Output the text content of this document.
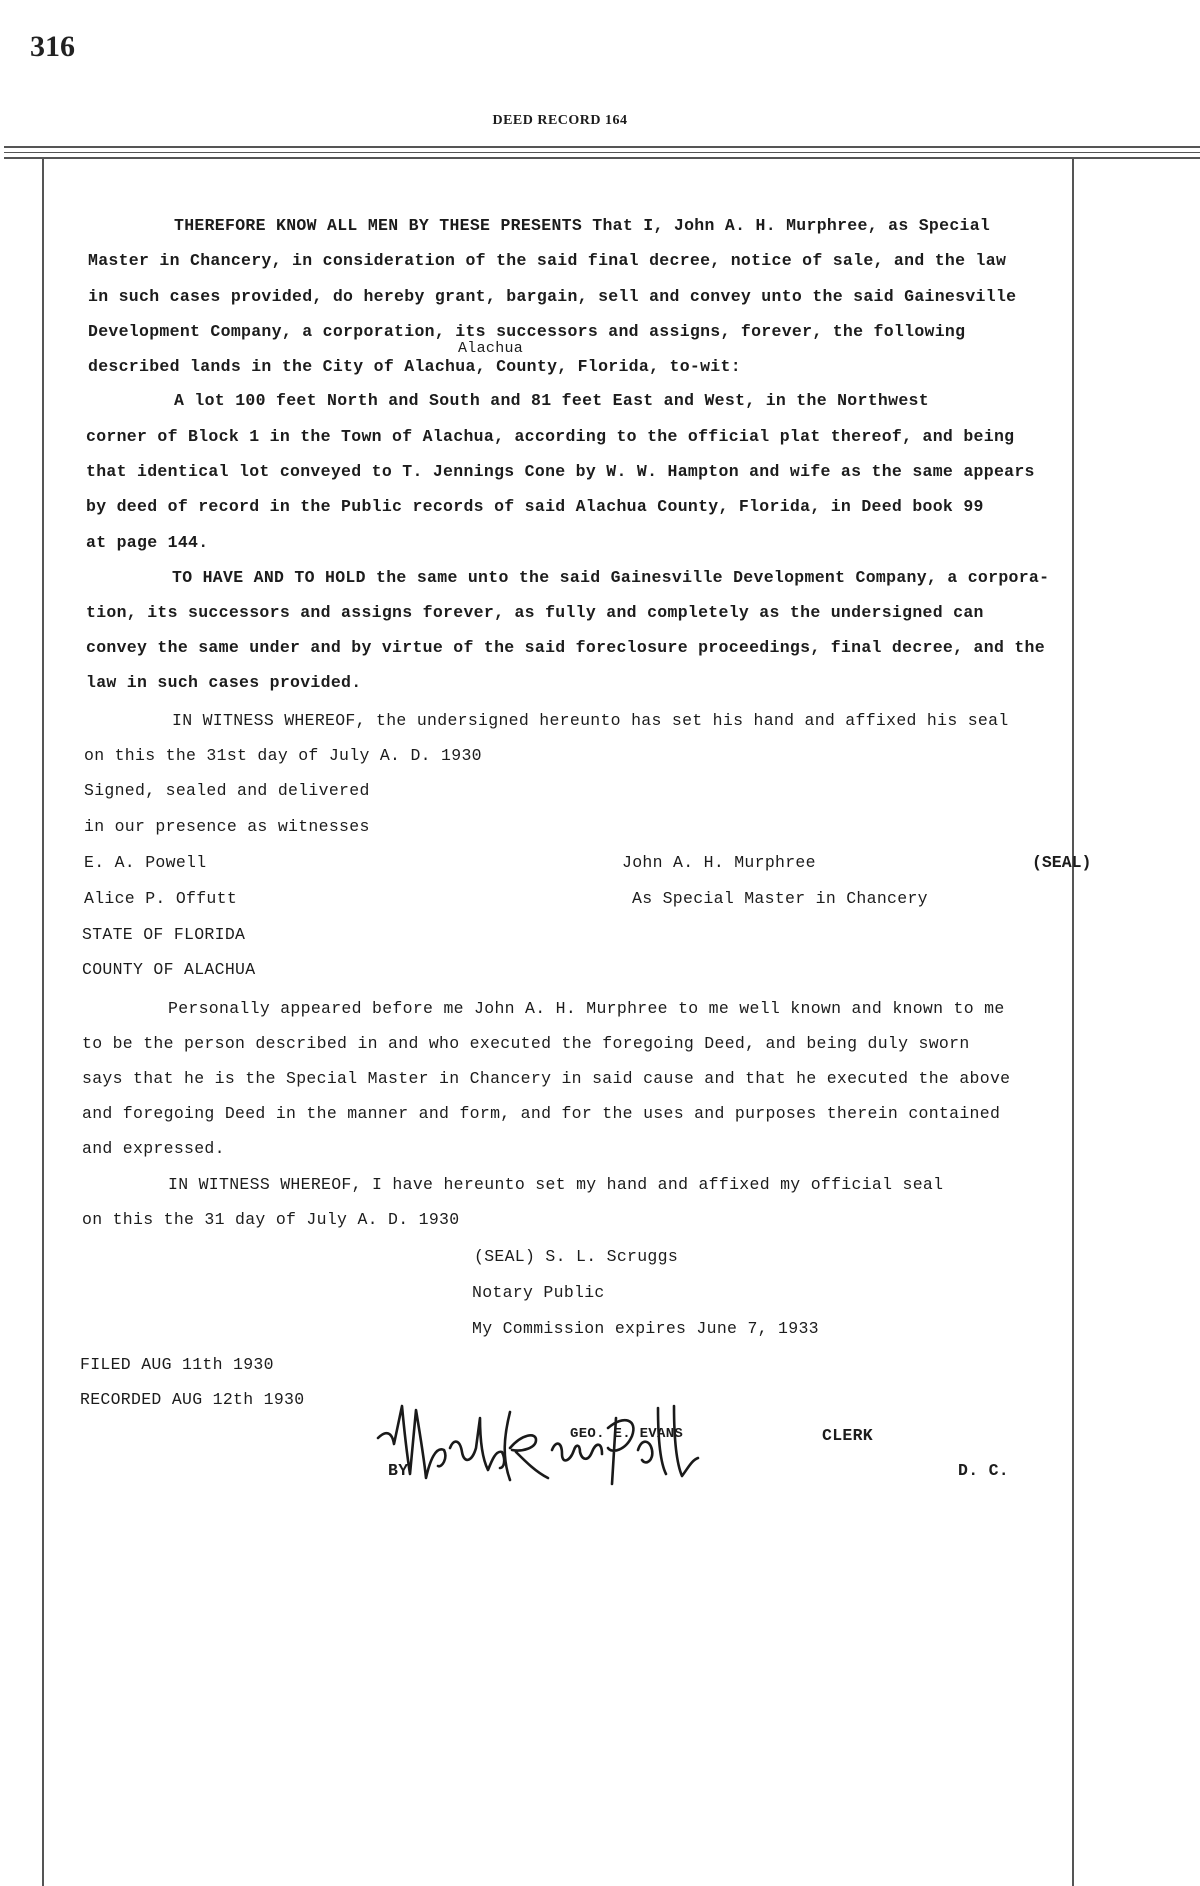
316
DEED RECORD 164
Alachua
THEREFORE KNOW ALL MEN BY THESE PRESENTS That I, John A. H. Murphree, as Special
Master in Chancery, in consideration of the said final decree, notice of sale, and the law
in such cases provided, do hereby grant, bargain, sell and convey unto the said Gainesville
Development Company, a corporation, its successors and assigns, forever, the following
described lands in the City of Alachua, County, Florida, to-wit:
A lot 100 feet North and South and 81 feet East and West, in the Northwest
corner of Block 1 in the Town of Alachua, according to the official plat thereof, and being
that identical lot conveyed to T. Jennings Cone by W. W. Hampton and wife as the same appears
by deed of record in the Public records of said Alachua County, Florida, in Deed book 99
at page 144.
TO HAVE AND TO HOLD the same unto the said Gainesville Development Company, a corpora-
tion, its successors and assigns forever, as fully and completely as the undersigned can
convey the same under and by virtue of the said foreclosure proceedings, final decree, and the
law in such cases provided.
IN WITNESS WHEREOF, the undersigned hereunto has set his hand and affixed his seal
on this the 31st day of July A. D. 1930
Signed, sealed and delivered
in our presence as witnesses
E. A. Powell	John A. H. Murphree	(SEAL)
Alice P. Offutt	As Special Master in Chancery
STATE OF FLORIDA
COUNTY OF ALACHUA
Personally appeared before me John A. H. Murphree to me well known and known to me
to be the person described in and who executed the foregoing Deed, and being duly sworn
says that he is the Special Master in Chancery in said cause and that he executed the above
and foregoing Deed in the manner and form, and for the uses and purposes therein contained
and expressed.
IN WITNESS WHEREOF, I have hereunto set my hand and affixed my official seal
on this the 31 day of July A. D. 1930
(SEAL) S. L. Scruggs
Notary Public
My Commission expires June 7, 1933
FILED AUG 11th 1930
RECORDED AUG 12th 1930
GEO. E. EVANS	CLERK
BY	D. C.
